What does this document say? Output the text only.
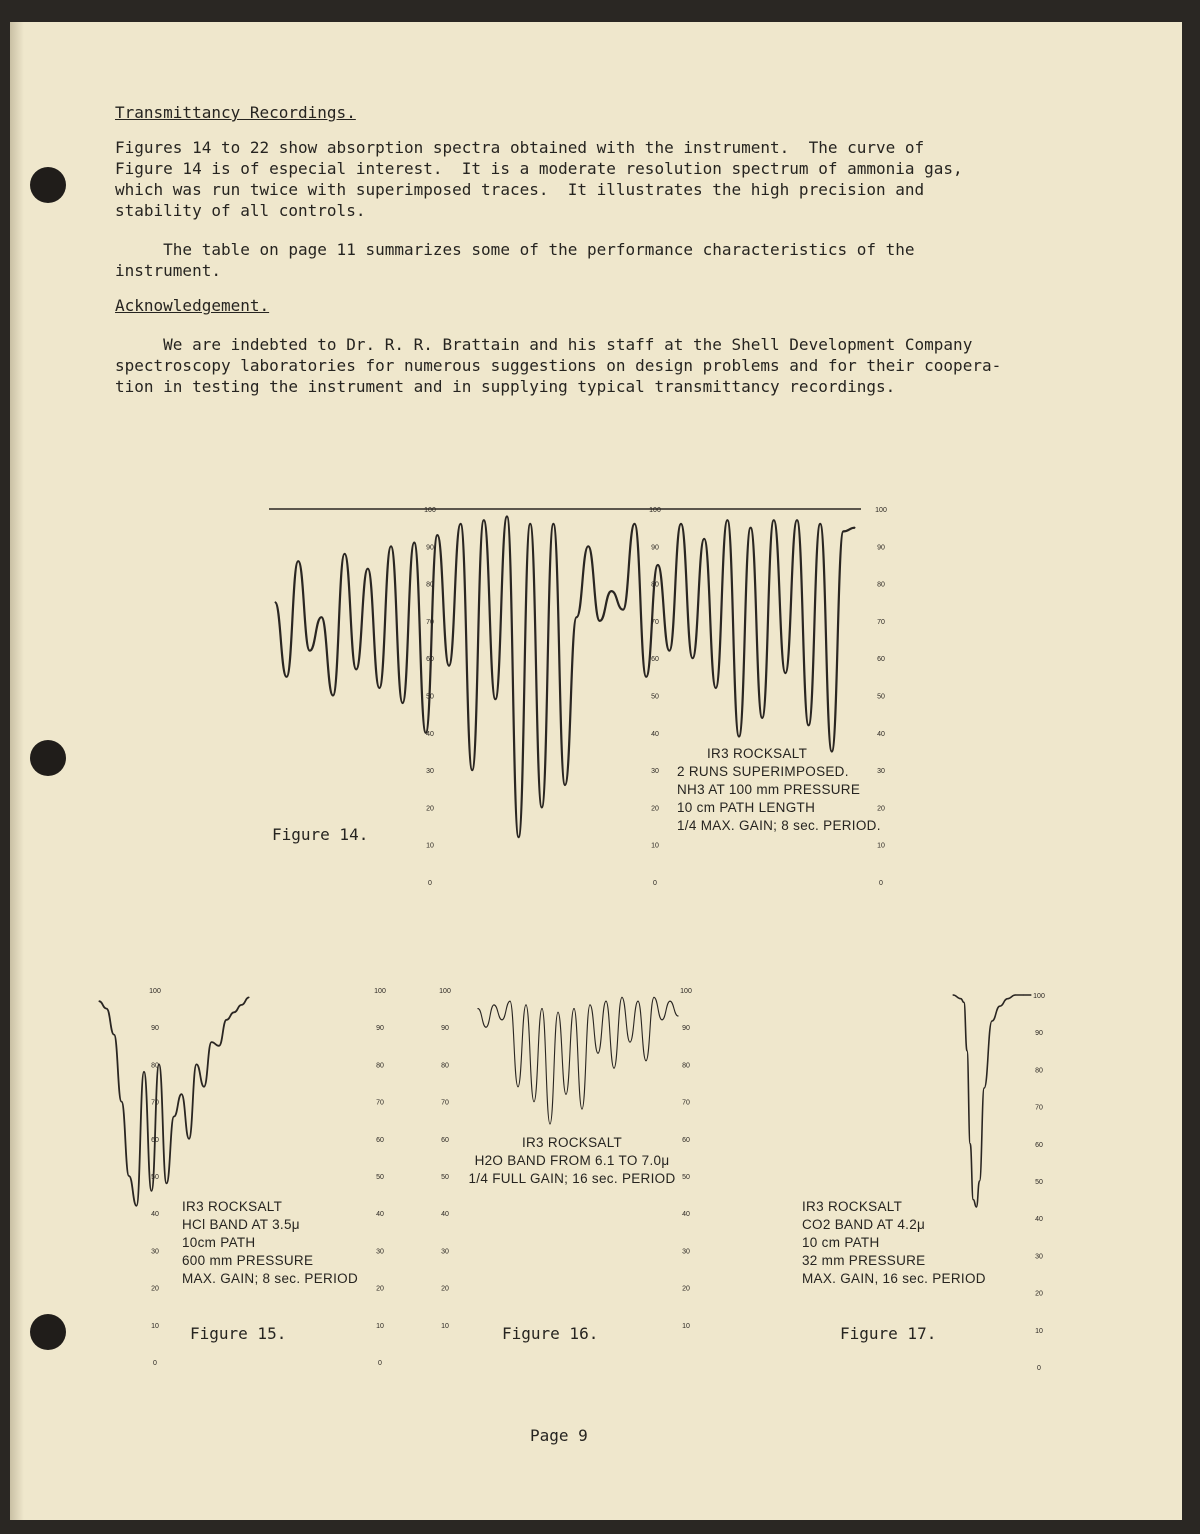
Transmittancy Recordings.
Figures 14 to 22 show absorption spectra obtained with the instrument.  The curve of
Figure 14 is of especial interest.  It is a moderate resolution spectrum of ammonia gas,
which was run twice with superimposed traces.  It illustrates the high precision and
stability of all controls.
The table on page 11 summarizes some of the performance characteristics of the
instrument.
Acknowledgement.
We are indebted to Dr. R. R. Brattain and his staff at the Shell Development Company
spectroscopy laboratories for numerous suggestions on design problems and for their coopera-
tion in testing the instrument and in supplying typical transmittancy recordings.
100
90
80
70
60
50
40
30
20
10
0
100
90
80
70
60
50
40
30
20
10
0
100
90
80
70
60
50
40
30
20
10
0
Figure 14.
IR3 ROCKSALT
2 RUNS SUPERIMPOSED.
NH3 AT 100 mm PRESSURE
10 cm PATH LENGTH
1/4 MAX. GAIN; 8 sec. PERIOD.
100
90
80
70
60
50
40
30
20
10
0
100
90
80
70
60
50
40
30
20
10
0
Figure 15.
IR3 ROCKSALT
HCl BAND AT 3.5μ
10cm PATH
600 mm PRESSURE
MAX. GAIN; 8 sec. PERIOD
100
90
80
70
60
50
40
30
20
10
100
90
80
70
60
50
40
30
20
10
Figure 16.
IR3 ROCKSALT
H2O BAND FROM 6.1 TO 7.0μ
1/4 FULL GAIN; 16 sec. PERIOD
100
90
80
70
60
50
40
30
20
10
0
Figure 17.
IR3 ROCKSALT
CO2 BAND AT 4.2μ
10 cm PATH
32 mm PRESSURE
MAX. GAIN, 16 sec. PERIOD
Page 9
